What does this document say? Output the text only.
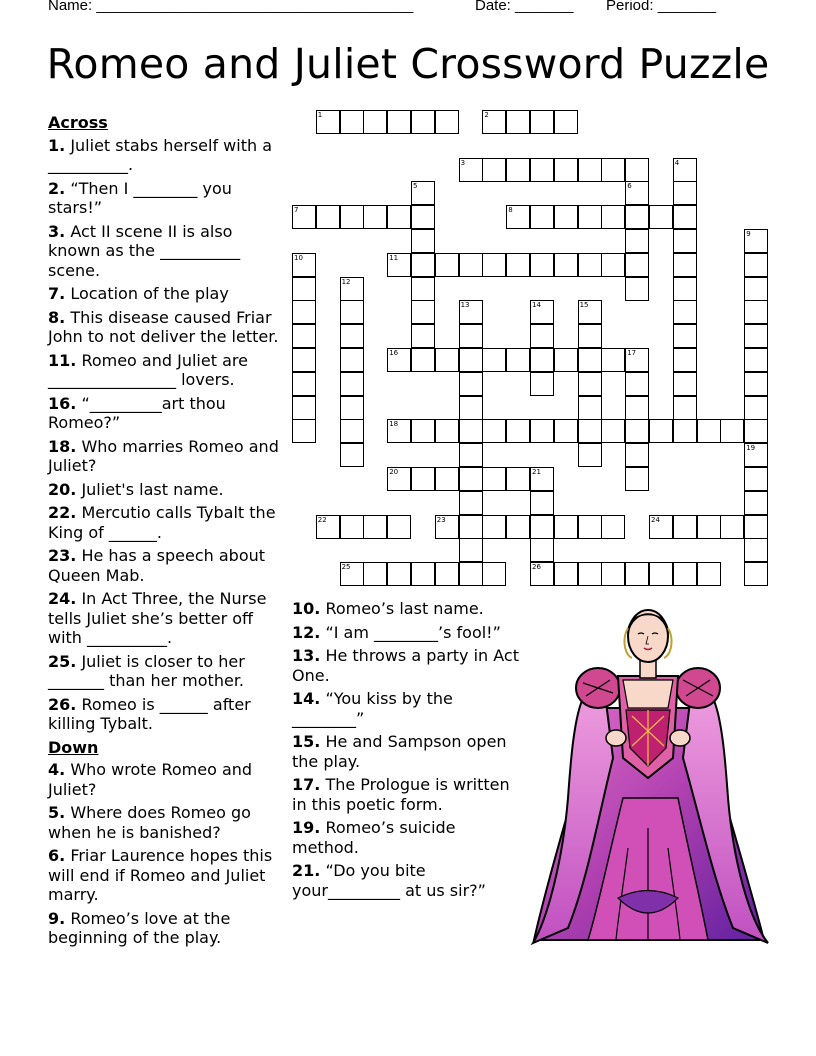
Name: ______________________________________	Date: _______ Period: _______
Romeo and Juliet Crossword Puzzle
Across
1. Juliet stabs herself with a __________.
2. “Then I ________ you stars!”
3. Act II scene II is also known as the __________ scene.
7. Location of the play
8. This disease caused Friar John to not deliver the letter.
11. Romeo and Juliet are ________________ lovers.
16. “_________art thou Romeo?”
18. Who marries Romeo and Juliet?
20. Juliet's last name.
22. Mercutio calls Tybalt the King of ______.
23. He has a speech about Queen Mab.
24. In Act Three, the Nurse tells Juliet she’s better off with __________.
25. Juliet is closer to her _______ than her mother.
26. Romeo is ______ after killing Tybalt.
Down
4. Who wrote Romeo and Juliet?
5. Where does Romeo go when he is banished?
6. Friar Laurence hopes this will end if Romeo and Juliet marry.
9. Romeo’s love at the beginning of the play.
10. Romeo’s last name.
12. “I am ________’s fool!”
13. He throws a party in Act One.
14. “You kiss by the ________”
15. He and Sampson open the play.
17. The Prologue is written in this poetic form.
19. Romeo’s suicide method.
21. “Do you bite your_________ at us sir?”
1	2
3	4
5	6
7	8
9
10	11
12
13	14	15
16	17
18
19
20	21
22	23	24
25	26
